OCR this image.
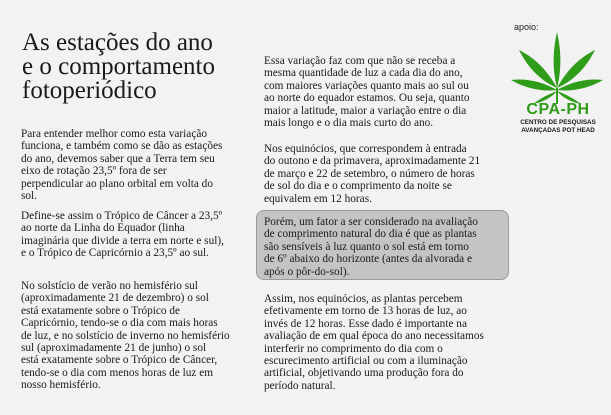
As estações do ano
e o comportamento
fotoperiódico

Para entender melhor como esta variação
funciona, e também como se dão as estações
do ano, devemos saber que a Terra tem seu
eixo de rotação 23,5º fora de ser
perpendicular ao plano orbital em volta do
sol.

Define-se assim o Trópico de Câncer a 23,5º
ao norte da Linha do Equador (linha
imaginária que divide a terra em norte e sul),
e o Trópico de Capricórnio a 23,5º ao sul.

No solstício de verão no hemisfério sul
(aproximadamente 21 de dezembro) o sol
está exatamente sobre o Trópico de
Capricórnio, tendo-se o dia com mais horas
de luz, e no solstício de inverno no hemisfério
sul (aproximadamente 21 de junho) o sol
está exatamente sobre o Trópico de Câncer,
tendo-se o dia com menos horas de luz em
nosso hemisfério.

Essa variação faz com que não se receba a
mesma quantidade de luz a cada dia do ano,
com maiores variações quanto mais ao sul ou
ao norte do equador estamos. Ou seja, quanto
maior a latitude, maior a variação entre o dia
mais longo e o dia mais curto do ano.

Nos equinócios, que correspondem à entrada
do outono e da primavera, aproximadamente 21
de março e 22 de setembro, o número de horas
de sol do dia e o comprimento da noite se
equivalem em 12 horas.

Porém, um fator a ser considerado na avaliação
de comprimento natural do dia é que as plantas
são sensíveis à luz quanto o sol está em torno
de 6º abaixo do horizonte (antes da alvorada e
após o pôr-do-sol).

Assim, nos equinócios, as plantas percebem
efetivamente em torno de 13 horas de luz, ao
invés de 12 horas. Esse dado é importante na
avaliação de em qual época do ano necessitamos
interferir no comprimento do dia com o
escurecimento artificial ou com a iluminação
artificial, objetivando uma produção fora do
período natural.

apoio:
CPA-PH
CENTRO DE PESQUISAS
AVANÇADAS POT HEAD
